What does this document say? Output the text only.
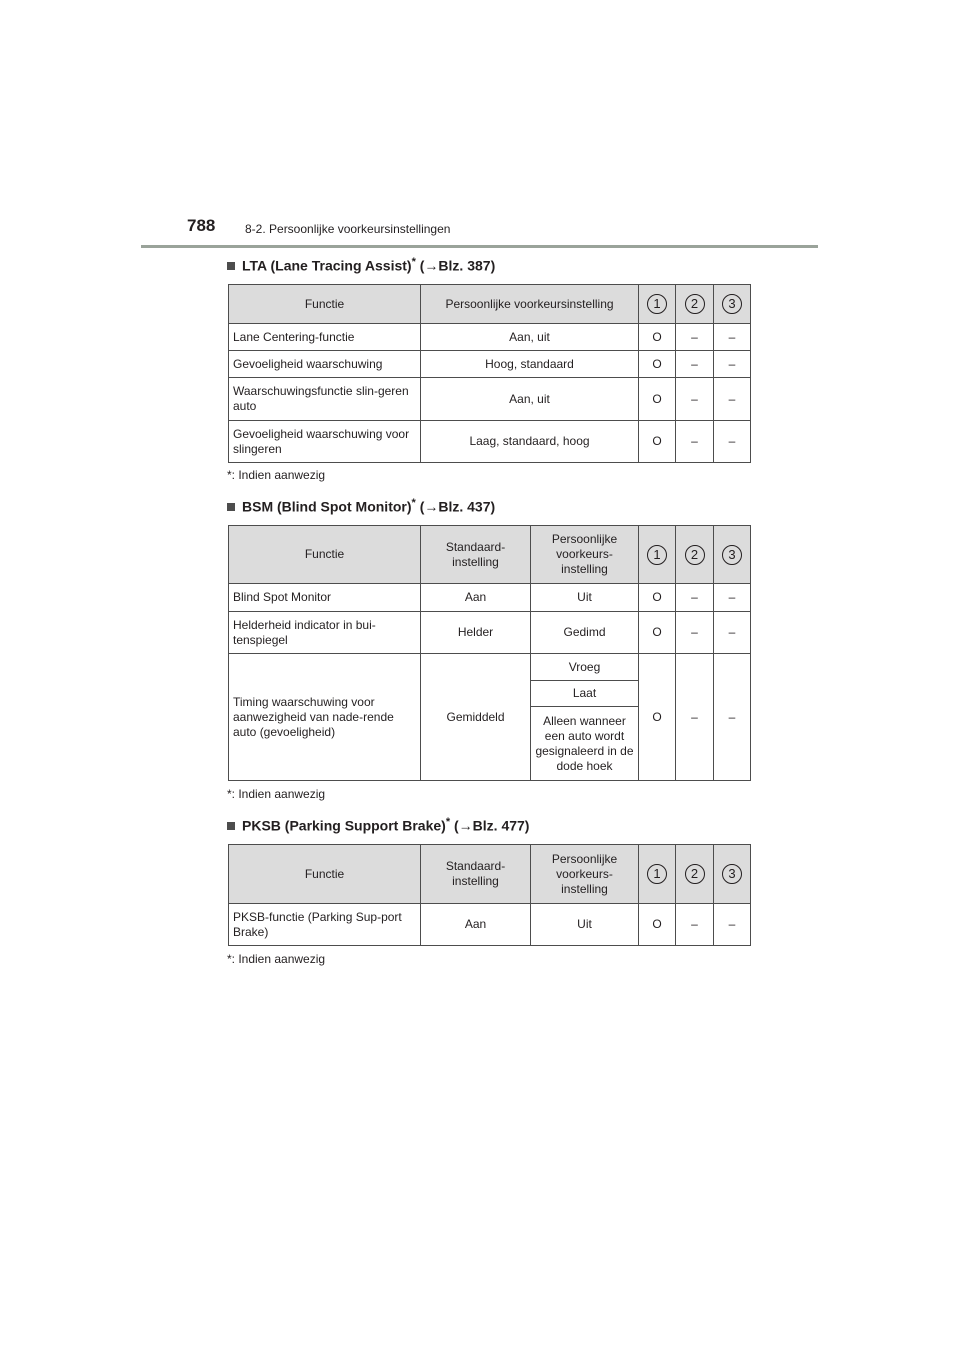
788 8-2. Persoonlijke voorkeursinstellingen
LTA (Lane Tracing Assist)* (→Blz. 387)
Functie	Persoonlijke voorkeursinstelling	1	2	3
Lane Centering-functie	Aan, uit	O	–	–
Gevoeligheid waarschuwing	Hoog, standaard	O	–	–
Waarschuwingsfunctie slin-geren auto	Aan, uit	O	–	–
Gevoeligheid waarschuwing voor slingeren	Laag, standaard, hoog	O	–	–
*: Indien aanwezig
BSM (Blind Spot Monitor)* (→Blz. 437)
Functie	Standaard-instelling	Persoonlijke voorkeurs-instelling	1	2	3
Blind Spot Monitor	Aan	Uit	O	–	–
Helderheid indicator in bui-tenspiegel	Helder	Gedimd	O	–	–
Timing waarschuwing voor aanwezigheid van nade-rende auto (gevoeligheid)	Gemiddeld	Vroeg	O	–	–
		Laat			
		Alleen wanneer een auto wordt gesignaleerd in de dode hoek			
*: Indien aanwezig
PKSB (Parking Support Brake)* (→Blz. 477)
Functie	Standaard-instelling	Persoonlijke voorkeurs-instelling	1	2	3
PKSB-functie (Parking Sup-port Brake)	Aan	Uit	O	–	–
*: Indien aanwezig
